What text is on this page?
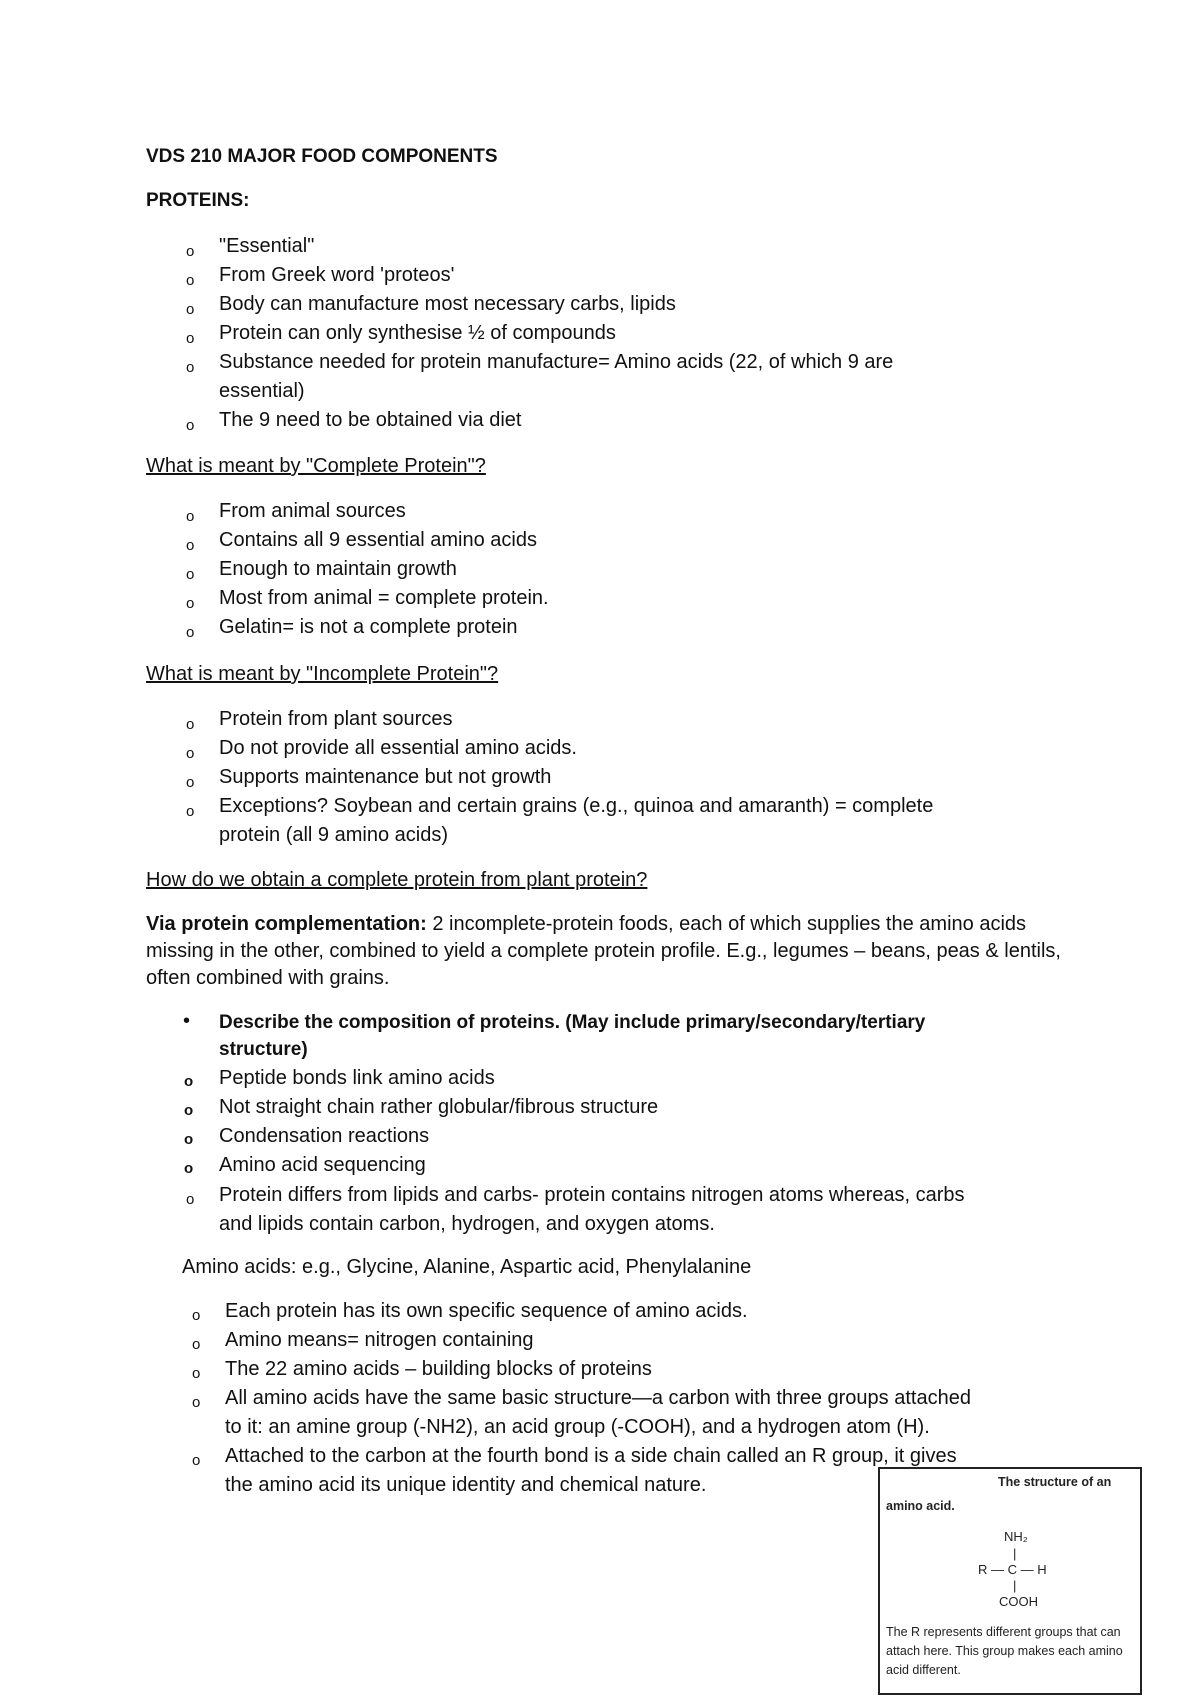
VDS 210 MAJOR FOOD COMPONENTS
PROTEINS:
o "Essential"
o From Greek word 'proteos'
o Body can manufacture most necessary carbs, lipids
o Protein can only synthesise ½ of compounds
o Substance needed for protein manufacture= Amino acids (22, of which 9 are
essential)
o The 9 need to be obtained via diet
What is meant by "Complete Protein"?
o From animal sources
o Contains all 9 essential amino acids
o Enough to maintain growth
o Most from animal = complete protein.
o Gelatin= is not a complete protein
What is meant by "Incomplete Protein"?
o Protein from plant sources
o Do not provide all essential amino acids.
o Supports maintenance but not growth
o Exceptions? Soybean and certain grains (e.g., quinoa and amaranth) = complete
protein (all 9 amino acids)
How do we obtain a complete protein from plant protein?
Via protein complementation: 2 incomplete-protein foods, each of which supplies the amino acids missing in the other, combined to yield a complete protein profile. E.g., legumes – beans, peas & lentils, often combined with grains.
• Describe the composition of proteins. (May include primary/secondary/tertiary
structure)
o Peptide bonds link amino acids
o Not straight chain rather globular/fibrous structure
o Condensation reactions
o Amino acid sequencing
o Protein differs from lipids and carbs- protein contains nitrogen atoms whereas, carbs
and lipids contain carbon, hydrogen, and oxygen atoms.
Amino acids: e.g., Glycine, Alanine, Aspartic acid, Phenylalanine
o Each protein has its own specific sequence of amino acids.
o Amino means= nitrogen containing
o The 22 amino acids – building blocks of proteins
o All amino acids have the same basic structure—a carbon with three groups attached
to it: an amine group (-NH2), an acid group (-COOH), and a hydrogen atom (H).
o Attached to the carbon at the fourth bond is a side chain called an R group, it gives
the amino acid its unique identity and chemical nature.	The structure of an
amino acid.
NH₂
|
R — C — H
|
COOH
The R represents different groups that can attach here. This group makes each amino acid different.
